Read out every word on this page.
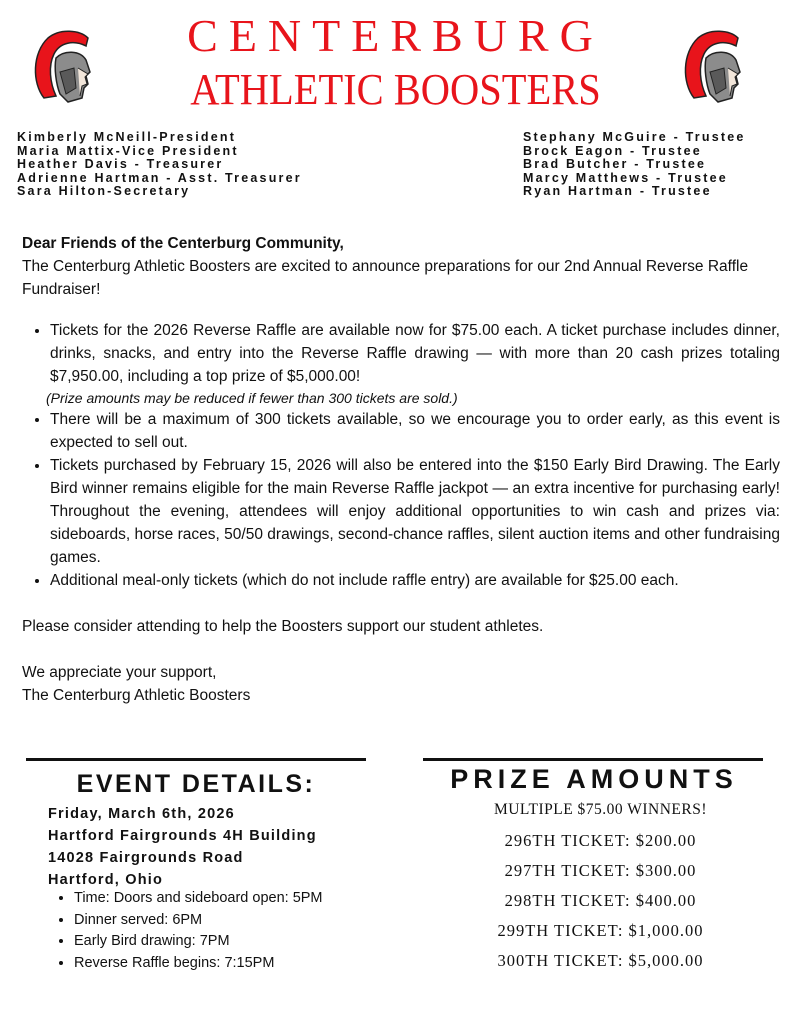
CENTERBURG
ATHLETIC BOOSTERS
Kimberly McNeill-President
Maria Mattix-Vice President
Heather Davis - Treasurer
Adrienne Hartman - Asst. Treasurer
Sara Hilton-Secretary
Stephany McGuire - Trustee
Brock Eagon - Trustee
Brad Butcher - Trustee
Marcy Matthews - Trustee
Ryan Hartman - Trustee

Dear Friends of the Centerburg Community,

The Centerburg Athletic Boosters are excited to announce preparations for our 2nd Annual Reverse Raffle Fundraiser!

• Tickets for the 2026 Reverse Raffle are available now for $75.00 each. A ticket purchase includes dinner, drinks, snacks, and entry into the Reverse Raffle drawing — with more than 20 cash prizes totaling $7,950.00, including a top prize of $5,000.00!
(Prize amounts may be reduced if fewer than 300 tickets are sold.)
• There will be a maximum of 300 tickets available, so we encourage you to order early, as this event is expected to sell out.
• Tickets purchased by February 15, 2026 will also be entered into the $150 Early Bird Drawing. The Early Bird winner remains eligible for the main Reverse Raffle jackpot — an extra incentive for purchasing early! Throughout the evening, attendees will enjoy additional opportunities to win cash and prizes via: sideboards, horse races, 50/50 drawings, second-chance raffles, silent auction items and other fundraising games.
• Additional meal-only tickets (which do not include raffle entry) are available for $25.00 each.

Please consider attending to help the Boosters support our student athletes.

We appreciate your support,

The Centerburg Athletic Boosters

EVENT DETAILS:
Friday, March 6th, 2026
Hartford Fairgrounds 4H Building
14028 Fairgrounds Road
Hartford, Ohio
• Time: Doors and sideboard open: 5PM
• Dinner served: 6PM
• Early Bird drawing: 7PM
• Reverse Raffle begins: 7:15PM
PRIZE AMOUNTS
MULTIPLE $75.00 WINNERS!
296TH TICKET: $200.00
297TH TICKET: $300.00
298TH TICKET: $400.00
299TH TICKET: $1,000.00
300TH TICKET: $5,000.00
